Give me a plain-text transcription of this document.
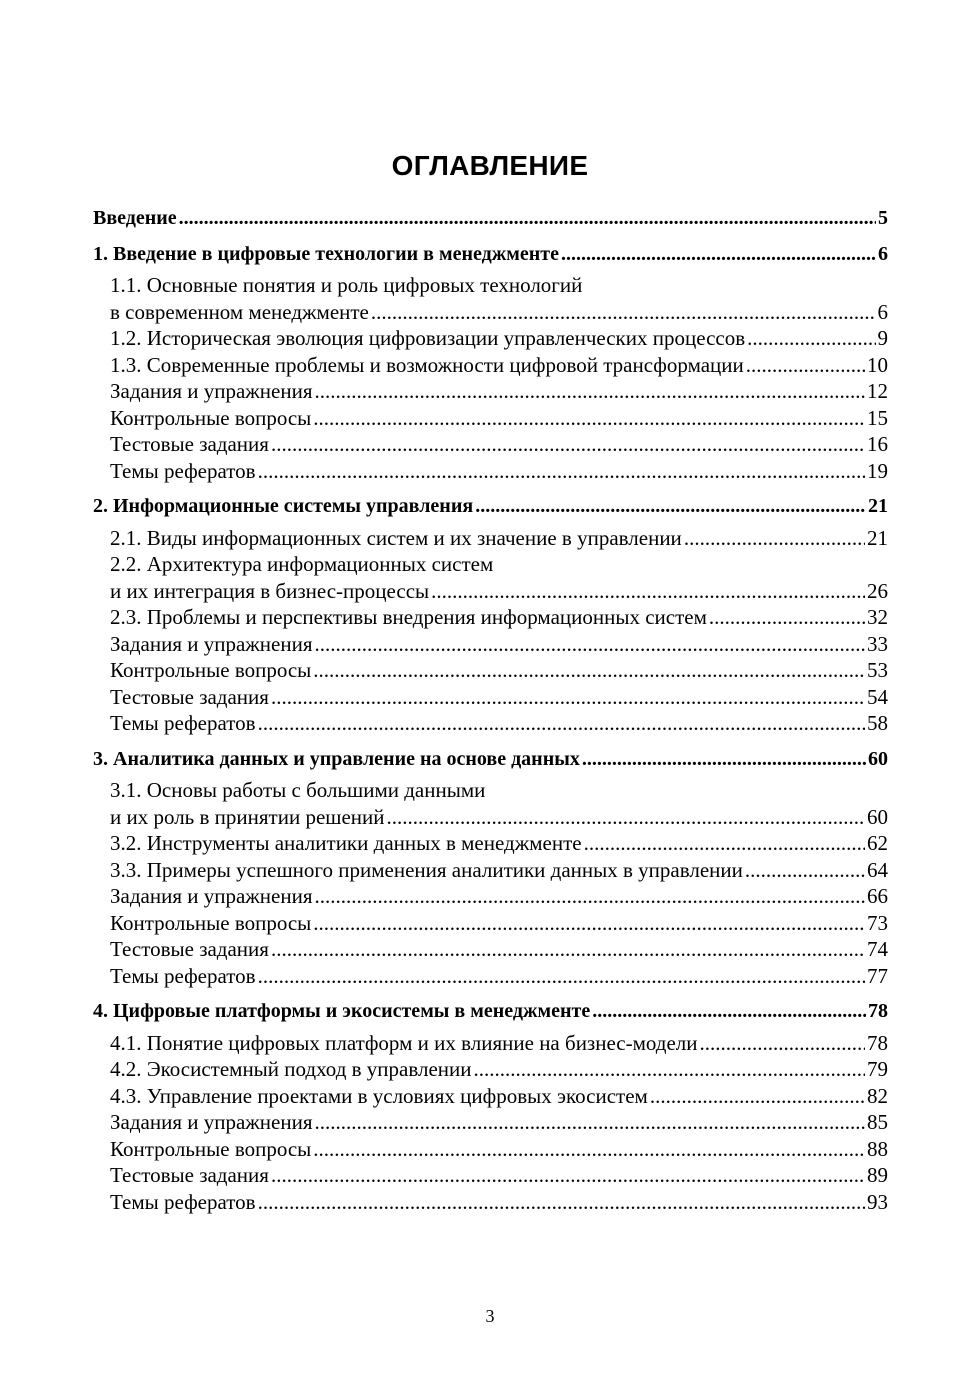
ОГЛАВЛЕНИЕ
Введение .....	5
1. Введение в цифровые технологии в менеджменте .....	6
1.1. Основные понятия и роль цифровых технологий
в современном менеджменте .....	6
1.2. Историческая эволюция цифровизации управленческих процессов .....	9
1.3. Современные проблемы и возможности цифровой трансформации .....	10
Задания и упражнения .....	12
Контрольные вопросы .....	15
Тестовые задания .....	16
Темы рефератов .....	19
2. Информационные системы управления .....	21
2.1. Виды информационных систем и их значение в управлении .....	21
2.2. Архитектура информационных систем
и их интеграция в бизнес-процессы .....	26
2.3. Проблемы и перспективы внедрения информационных систем .....	32
Задания и упражнения .....	33
Контрольные вопросы .....	53
Тестовые задания .....	54
Темы рефератов .....	58
3. Аналитика данных и управление на основе данных .....	60
3.1. Основы работы с большими данными
и их роль в принятии решений .....	60
3.2. Инструменты аналитики данных в менеджменте .....	62
3.3. Примеры успешного применения аналитики данных в управлении .....	64
Задания и упражнения .....	66
Контрольные вопросы .....	73
Тестовые задания .....	74
Темы рефератов .....	77
4. Цифровые платформы и экосистемы в менеджменте .....	78
4.1. Понятие цифровых платформ и их влияние на бизнес-модели .....	78
4.2. Экосистемный подход в управлении .....	79
4.3. Управление проектами в условиях цифровых экосистем .....	82
Задания и упражнения .....	85
Контрольные вопросы .....	88
Тестовые задания .....	89
Темы рефератов .....	93
3
